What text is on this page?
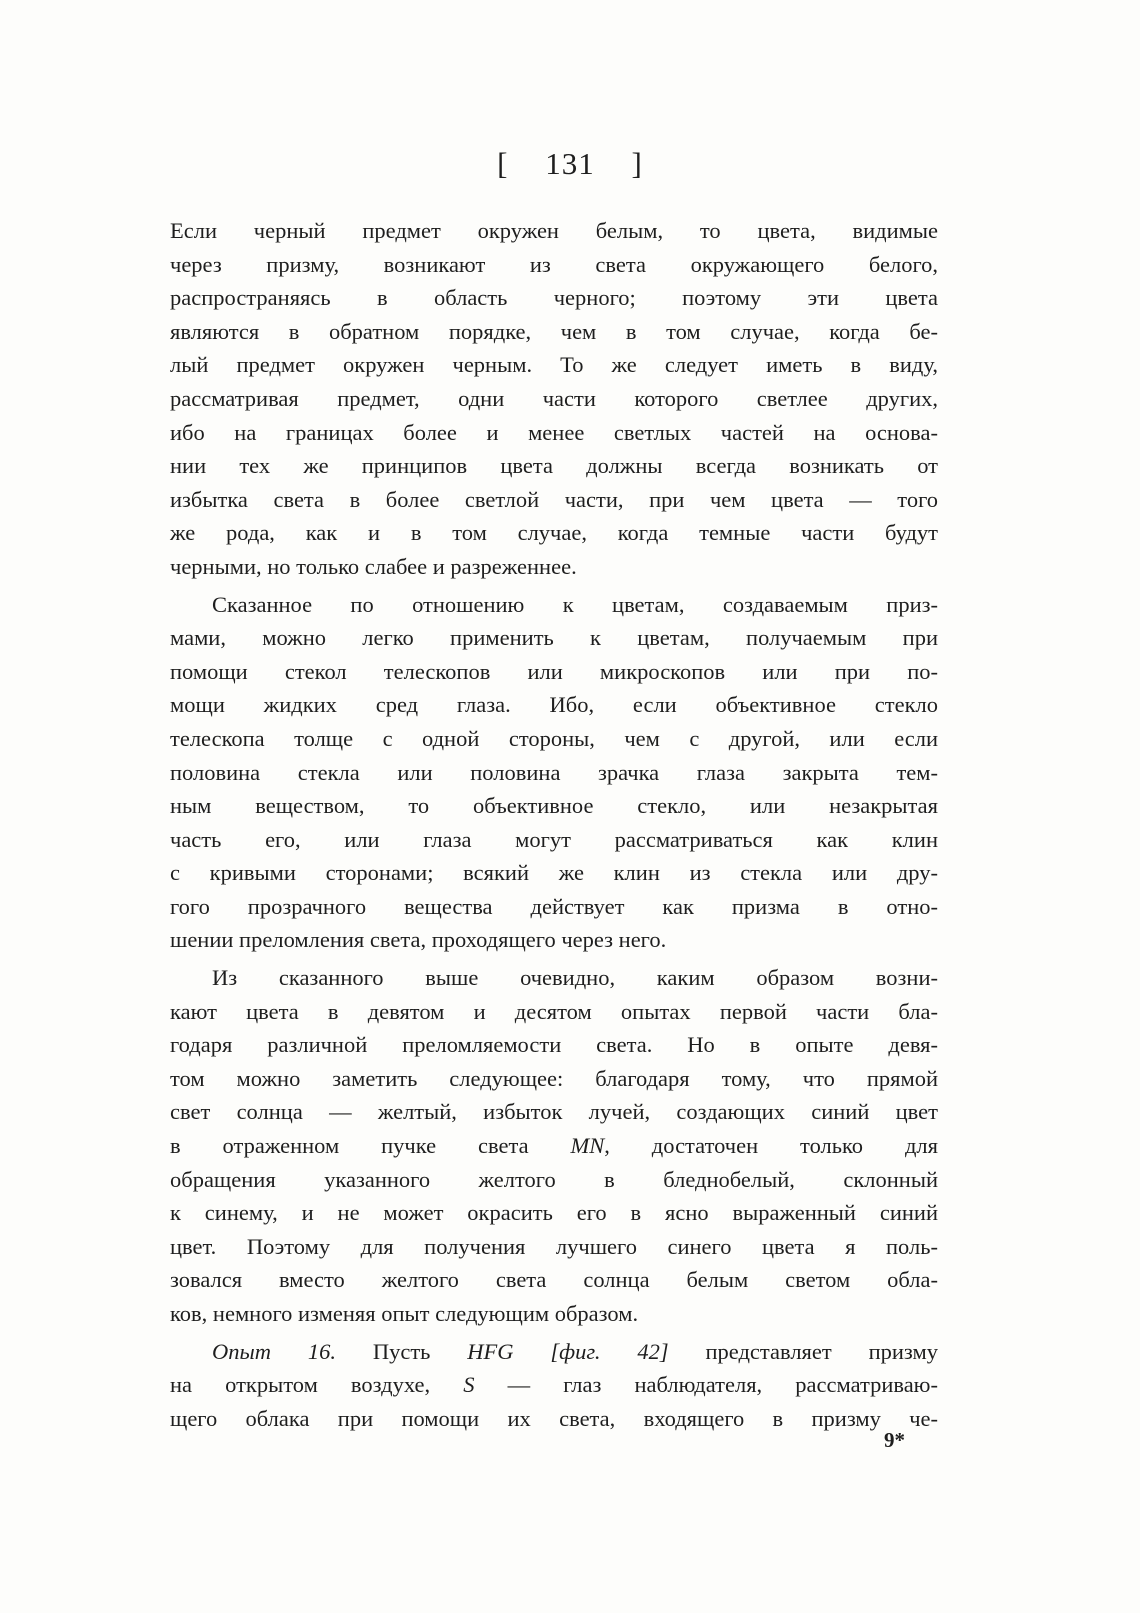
[ 131 ]
Если черный предмет окружен белым, то цвета, видимые
через призму, возникают из света окружающего белого,
распространяясь в область черного; поэтому эти цвета
являются в обратном порядке, чем в том случае, когда бе-
лый предмет окружен черным. То же следует иметь в виду,
рассматривая предмет, одни части которого светлее других,
ибо на границах более и менее светлых частей на основа-
нии тех же принципов цвета должны всегда возникать от
избытка света в более светлой части, при чем цвета — того
же рода, как и в том случае, когда темные части будут
черными, но только слабее и разреженнее.
Сказанное по отношению к цветам, создаваемым приз-
мами, можно легко применить к цветам, получаемым при
помощи стекол телескопов или микроскопов или при по-
мощи жидких сред глаза. Ибо, если объективное стекло
телескопа толще с одной стороны, чем с другой, или если
половина стекла или половина зрачка глаза закрыта тем-
ным веществом, то объективное стекло, или незакрытая
часть его, или глаза могут рассматриваться как клин
с кривыми сторонами; всякий же клин из стекла или дру-
гого прозрачного вещества действует как призма в отно-
шении преломления света, проходящего через него.
Из сказанного выше очевидно, каким образом возни-
кают цвета в девятом и десятом опытах первой части бла-
годаря различной преломляемости света. Но в опыте девя-
том можно заметить следующее: благодаря тому, что прямой
свет солнца — желтый, избыток лучей, создающих синий цвет
в отраженном пучке света MN, достаточен только для
обращения указанного желтого в бледнобелый, склонный
к синему, и не может окрасить его в ясно выраженный синий
цвет. Поэтому для получения лучшего синего цвета я поль-
зовался вместо желтого света солнца белым светом обла-
ков, немного изменяя опыт следующим образом.
Опыт 16. Пусть HFG [фиг. 42] представляет призму
на открытом воздухе, S — глаз наблюдателя, рассматриваю-
щего облака при помощи их света, входящего в призму че-
9*
